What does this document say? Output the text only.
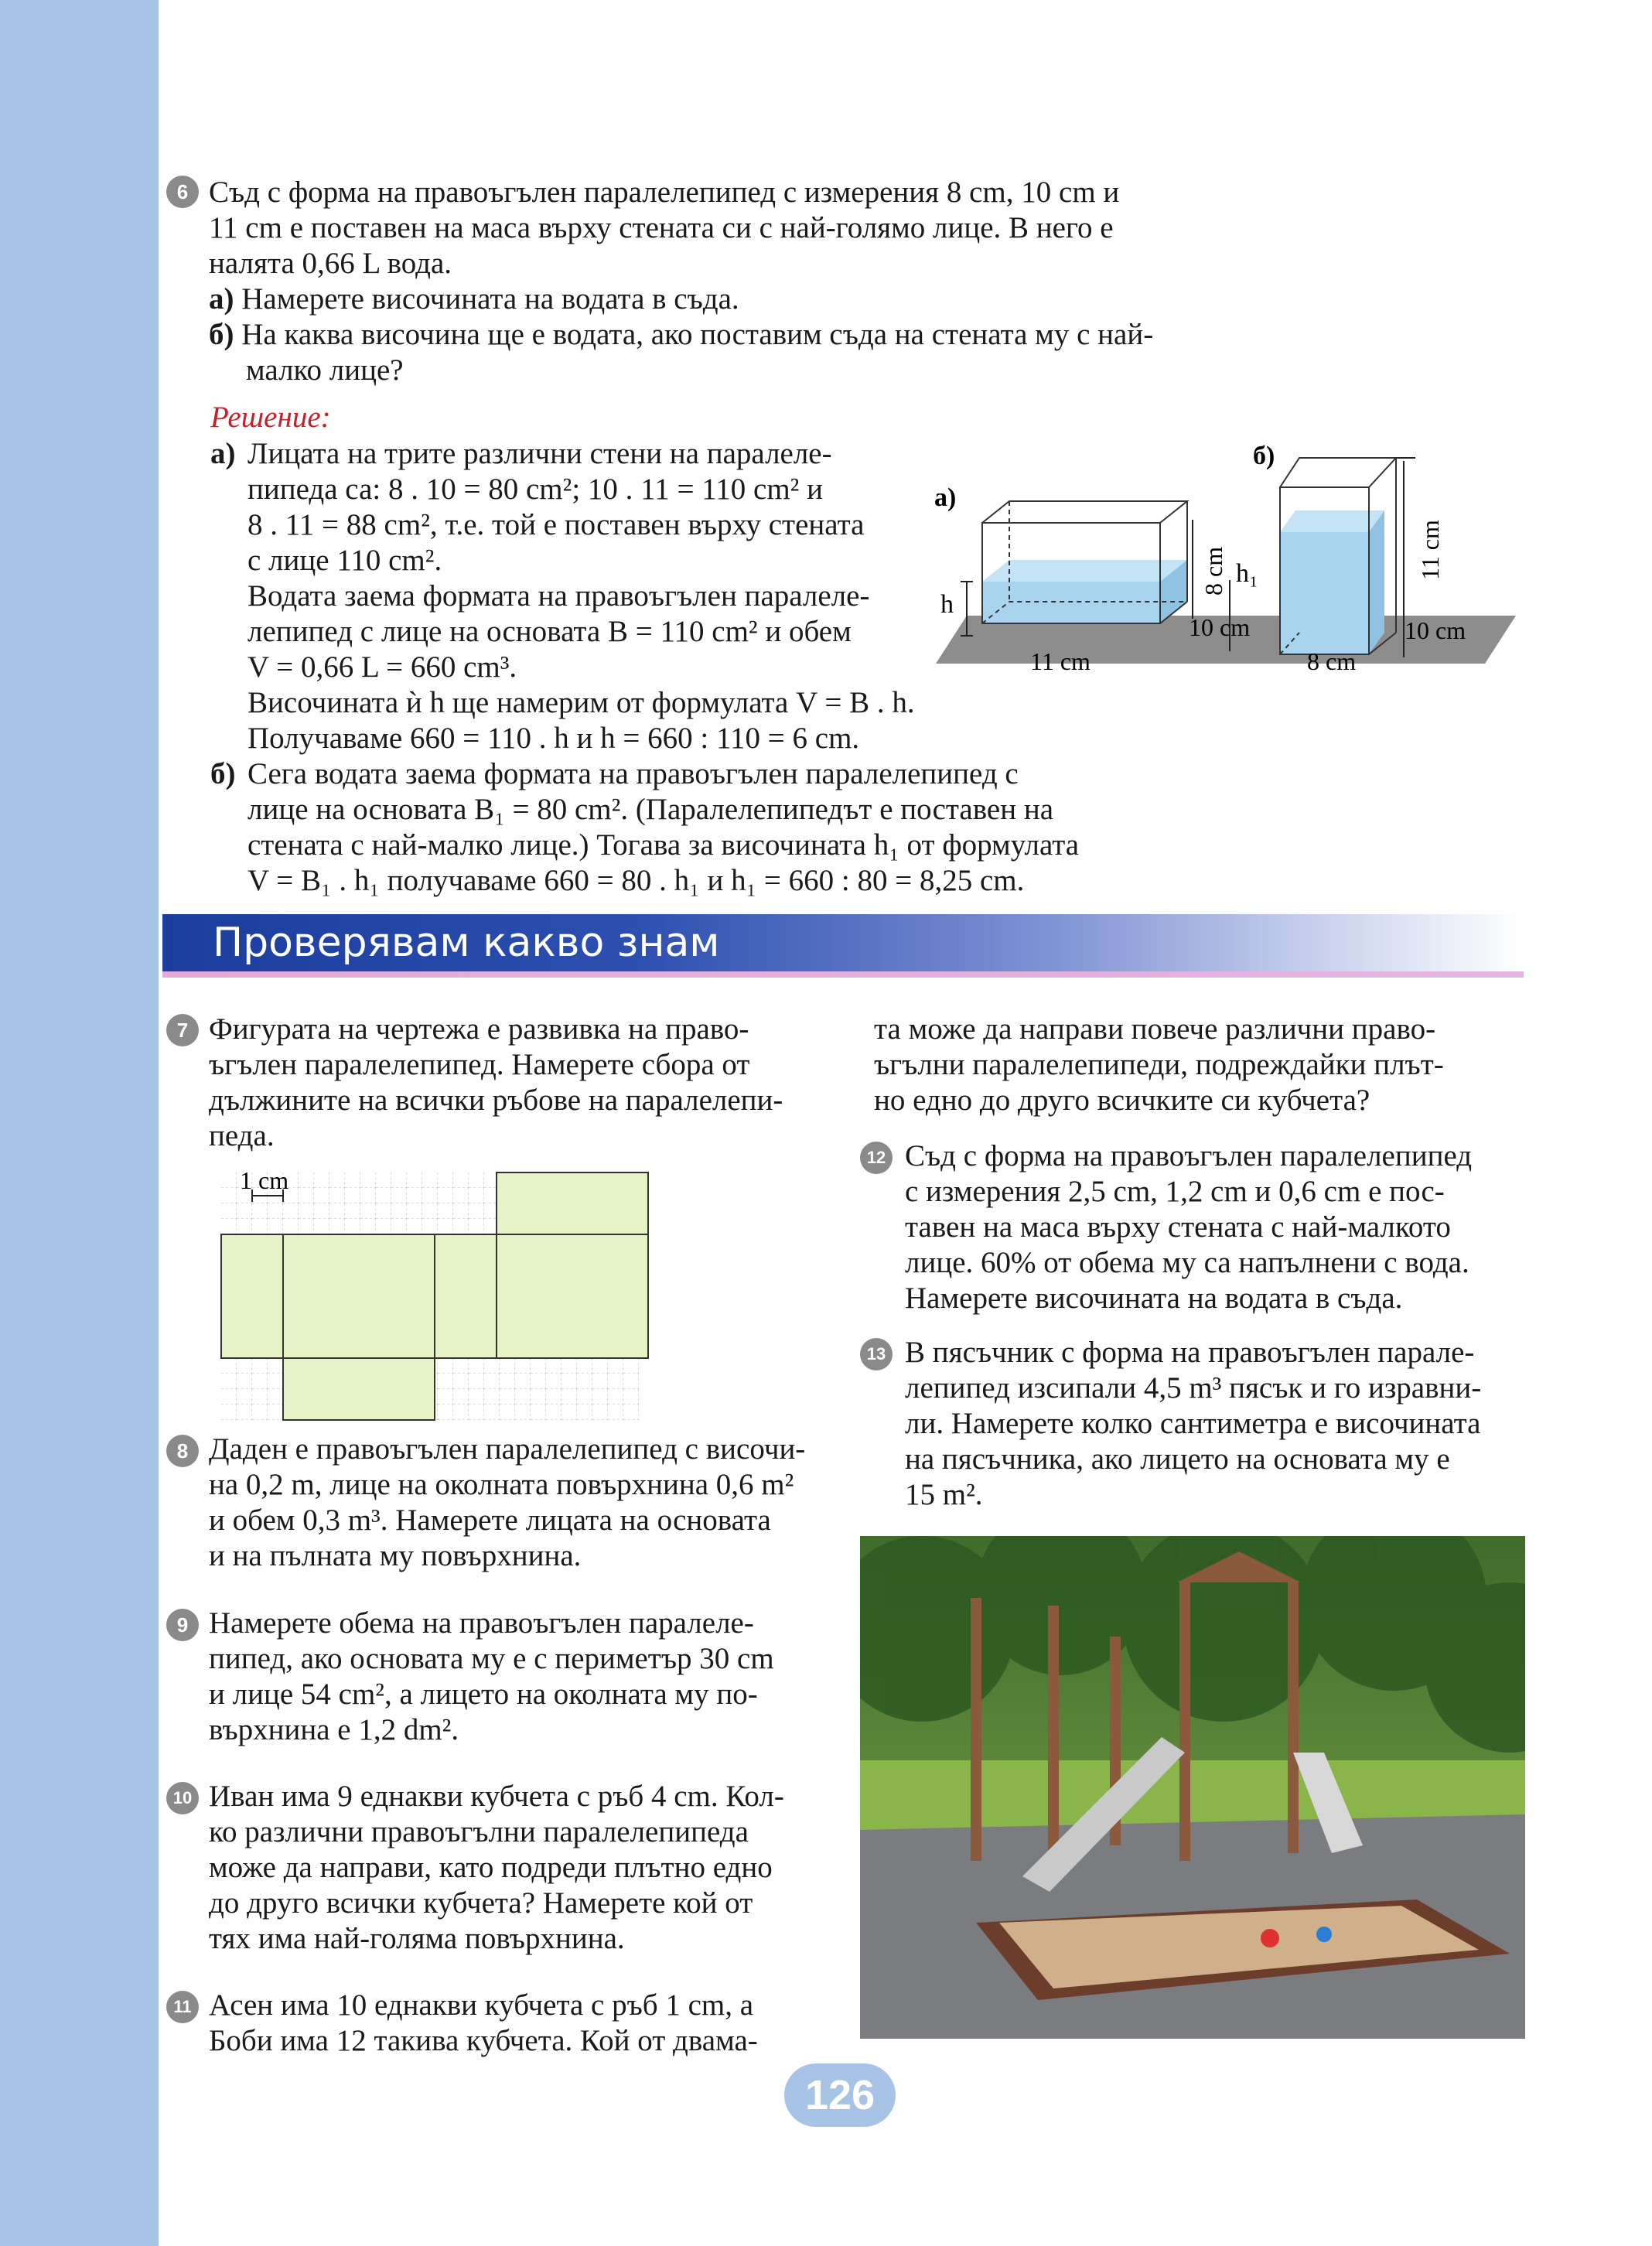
6 Съд с форма на правоъгълен паралелепипед с измерения 8 cm, 10 cm и
11 cm е поставен на маса върху стената си с най-голямо лице. В него е
налята 0,66 L вода.
а) Намерете височината на водата в съда.
б) На каква височина ще е водата, ако поставим съда на стената му с най-малко лице?
Решение:
а) Лицата на трите различни стени на паралеле-
пипеда са: 8 . 10 = 80 cm²; 10 . 11 = 110 cm² и
8 . 11 = 88 cm², т.е. той е поставен върху стената
с лице 110 cm².
Водата заема формата на правоъгълен паралеле-
лепипед с лице на основата B = 110 cm² и обем
V = 0,66 L = 660 cm³.
Височината ѝ h ще намерим от формулата V = B . h.
Получаваме 660 = 110 . h и h = 660 : 110 = 6 cm.
б) Сега водата заема формата на правоъгълен паралелепипед с
лице на основата B₁ = 80 cm². (Паралелепипедът е поставен на
стената с най-малко лице.) Тогава за височината h₁ от формулата
V = B₁ . h₁ получаваме 660 = 80 . h₁ и h₁ = 660 : 80 = 8,25 cm.
а)
б)
h
h₁
8 cm	11 cm
10 cm
11 cm
10 cm
8 cm
Проверявам какво знам
7 Фигурата на чертежа е развивка на право-
ъгълен паралелепипед. Намерете сбора от
дължините на всички ръбове на паралелепи-
педа.
1 cm
8 Даден е правоъгълен паралелепипед с височи-
на 0,2 m, лице на околната повърхнина 0,6 m²
и обем 0,3 m³. Намерете лицата на основата
и на пълната му повърхнина.
9 Намерете обема на правоъгълен паралеле-
пипед, ако основата му е с периметър 30 cm
и лице 54 cm², а лицето на околната му по-
върхнина е 1,2 dm².
10 Иван има 9 еднакви кубчета с ръб 4 cm. Кол-
ко различни правоъгълни паралелепипеда
може да направи, като подреди плътно едно
до друго всички кубчета? Намерете кой от
тях има най-голяма повърхнина.
11 Асен има 10 еднакви кубчета с ръб 1 cm, а
Боби има 12 такива кубчета. Кой от двама-
та може да направи повече различни право-
ъгълни паралелепипеди, подреждайки плът-
но едно до друго всичките си кубчета?
12 Съд с форма на правоъгълен паралелепипед
с измерения 2,5 cm, 1,2 cm и 0,6 cm е пос-
тавен на маса върху стената с най-малкото
лице. 60% от обема му са напълнени с вода.
Намерете височината на водата в съда.
13 В пясъчник с форма на правоъгълен парале-
лепипед изсипали 4,5 m³ пясък и го изравни-
ли. Намерете колко сантиметра е височината
на пясъчника, ако лицето на основата му е
15 m².
126
